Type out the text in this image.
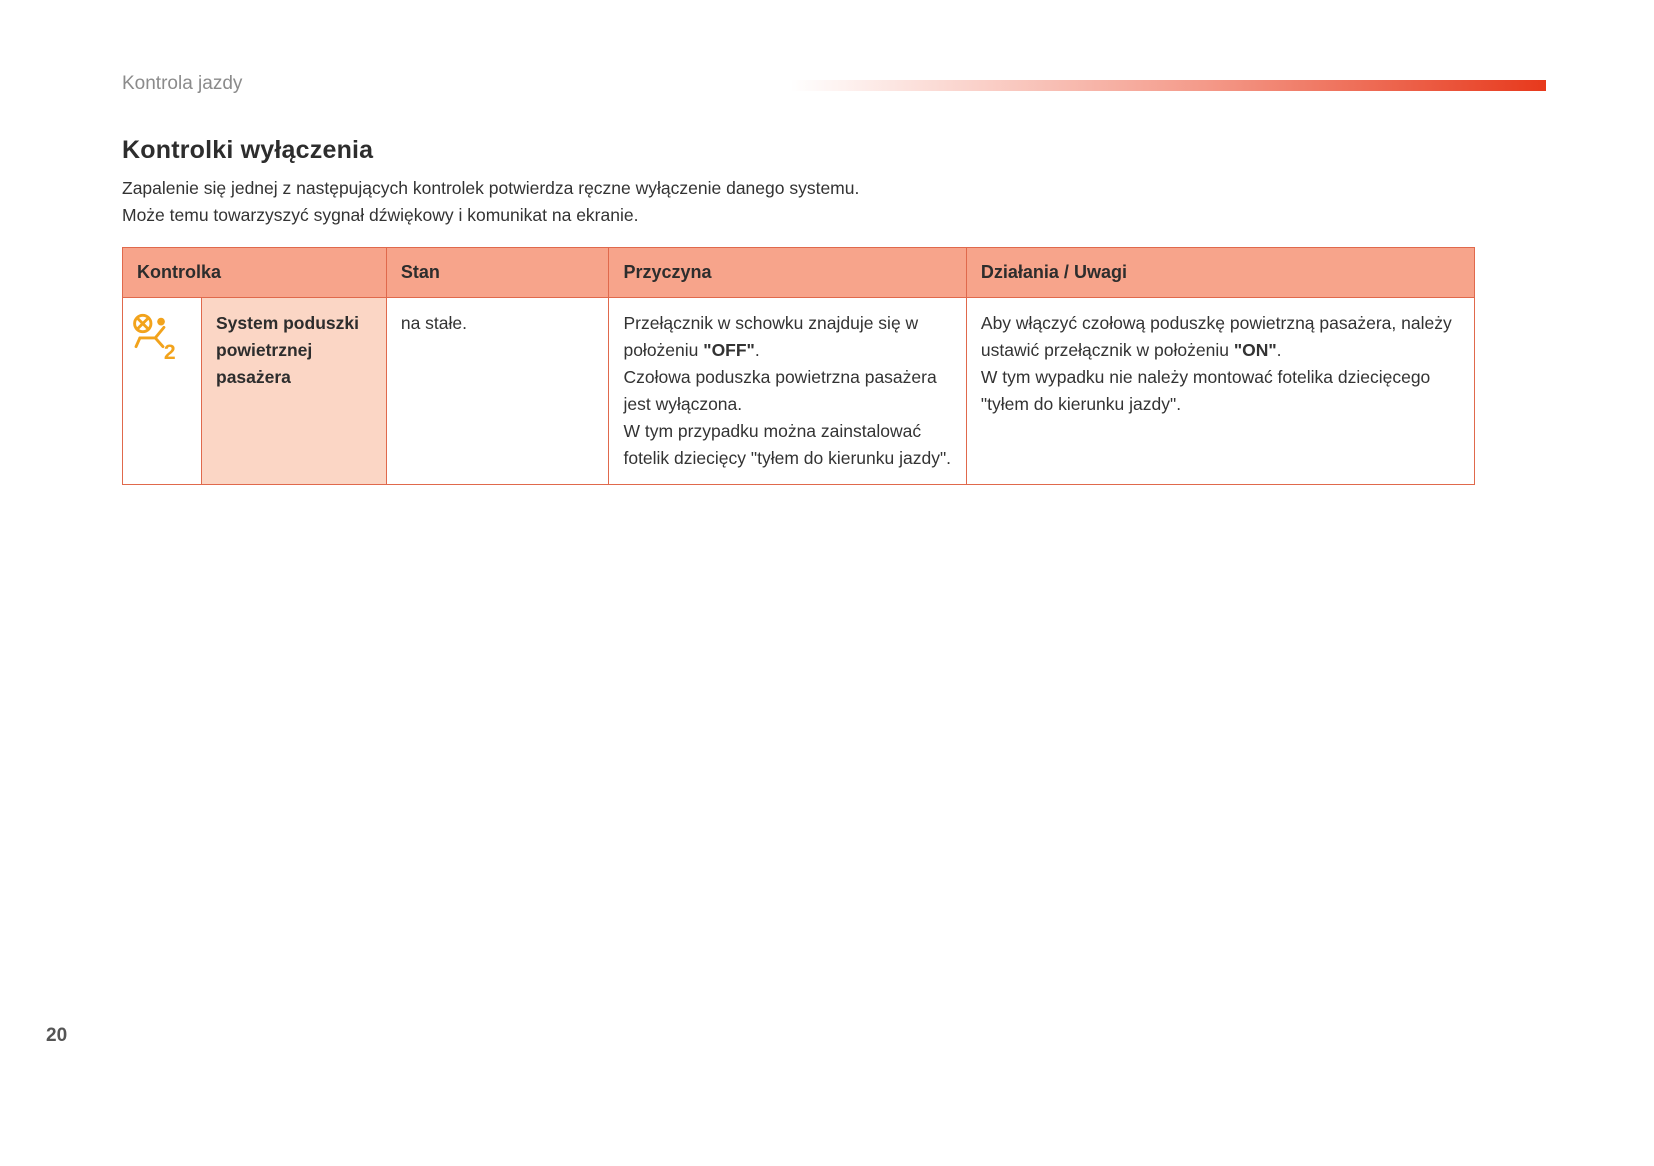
Kontrola jazdy
Kontrolki wyłączenia
Zapalenie się jednej z następujących kontrolek potwierdza ręczne wyłączenie danego systemu.
Może temu towarzyszyć sygnał dźwiękowy i komunikat na ekranie.
Kontrolka		Stan	Przyczyna	Działania / Uwagi

2	System poduszki powietrznej pasażera	na stałe.	Przełącznik w schowku znajduje się w położeniu "OFF".
Czołowa poduszka powietrzna pasażera jest wyłączona.
W tym przypadku można zainstalować fotelik dziecięcy "tyłem do kierunku jazdy".	Aby włączyć czołową poduszkę powietrzną pasażera, należy ustawić przełącznik w położeniu "ON".
W tym wypadku nie należy montować fotelika dziecięcego "tyłem do kierunku jazdy".
20
